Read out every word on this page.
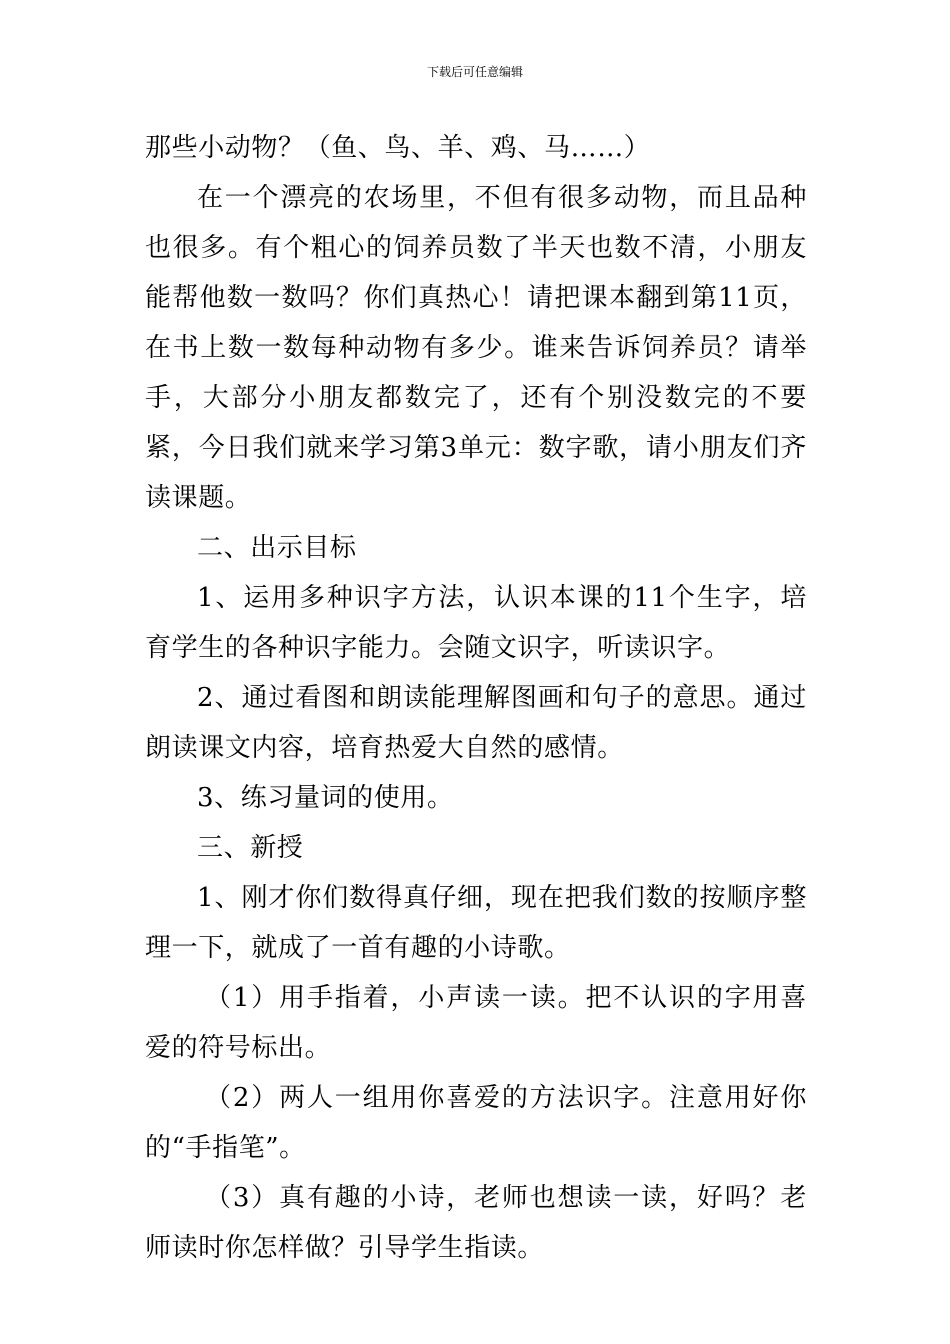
下载后可任意编辑

那些小动物？（鱼、鸟、羊、鸡、马……）

在一个漂亮的农场里，不但有很多动物，而且品种也很多。有个粗心的饲养员数了半天也数不清，小朋友能帮他数一数吗？你们真热心！请把课本翻到第11页，在书上数一数每种动物有多少。谁来告诉饲养员？请举手，大部分小朋友都数完了，还有个别没数完的不要紧，今日我们就来学习第3单元：数字歌，请小朋友们齐读课题。

二、出示目标

1、运用多种识字方法，认识本课的11个生字，培育学生的各种识字能力。会随文识字，听读识字。

2、通过看图和朗读能理解图画和句子的意思。通过朗读课文内容，培育热爱大自然的感情。

3、练习量词的使用。

三、新授

1、刚才你们数得真仔细，现在把我们数的按顺序整理一下，就成了一首有趣的小诗歌。

（1）用手指着，小声读一读。把不认识的字用喜爱的符号标出。

（2）两人一组用你喜爱的方法识字。注意用好你的“手指笔”。

（3）真有趣的小诗，老师也想读一读，好吗？老师读时你怎样做？引导学生指读。
